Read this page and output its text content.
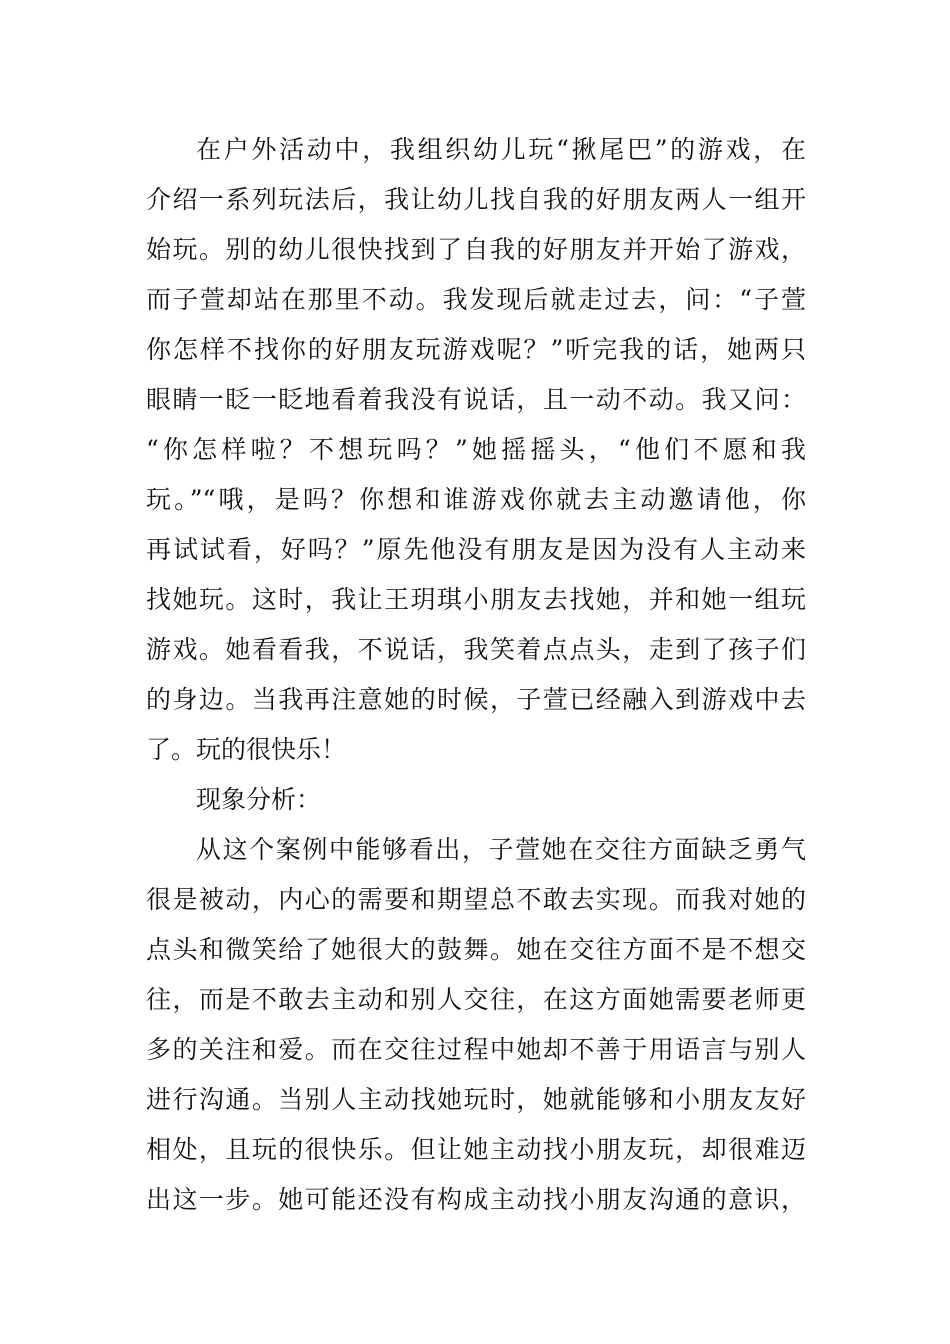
在户外活动中，我组织幼儿玩“揪尾巴”的游戏，在
介绍一系列玩法后，我让幼儿找自我的好朋友两人一组开
始玩。别的幼儿很快找到了自我的好朋友并开始了游戏，
而子萱却站在那里不动。我发现后就走过去，问：“子萱
你怎样不找你的好朋友玩游戏呢？”听完我的话，她两只
眼睛一眨一眨地看着我没有说话，且一动不动。我又问：
“你怎样啦？不想玩吗？”她摇摇头，“他们不愿和我
玩。”“哦，是吗？你想和谁游戏你就去主动邀请他，你
再试试看，好吗？”原先他没有朋友是因为没有人主动来
找她玩。这时，我让王玥琪小朋友去找她，并和她一组玩
游戏。她看看我，不说话，我笑着点点头，走到了孩子们
的身边。当我再注意她的时候，子萱已经融入到游戏中去
了。玩的很快乐！
现象分析：
从这个案例中能够看出，子萱她在交往方面缺乏勇气
很是被动，内心的需要和期望总不敢去实现。而我对她的
点头和微笑给了她很大的鼓舞。她在交往方面不是不想交
往，而是不敢去主动和别人交往，在这方面她需要老师更
多的关注和爱。而在交往过程中她却不善于用语言与别人
进行沟通。当别人主动找她玩时，她就能够和小朋友友好
相处，且玩的很快乐。但让她主动找小朋友玩，却很难迈
出这一步。她可能还没有构成主动找小朋友沟通的意识，
